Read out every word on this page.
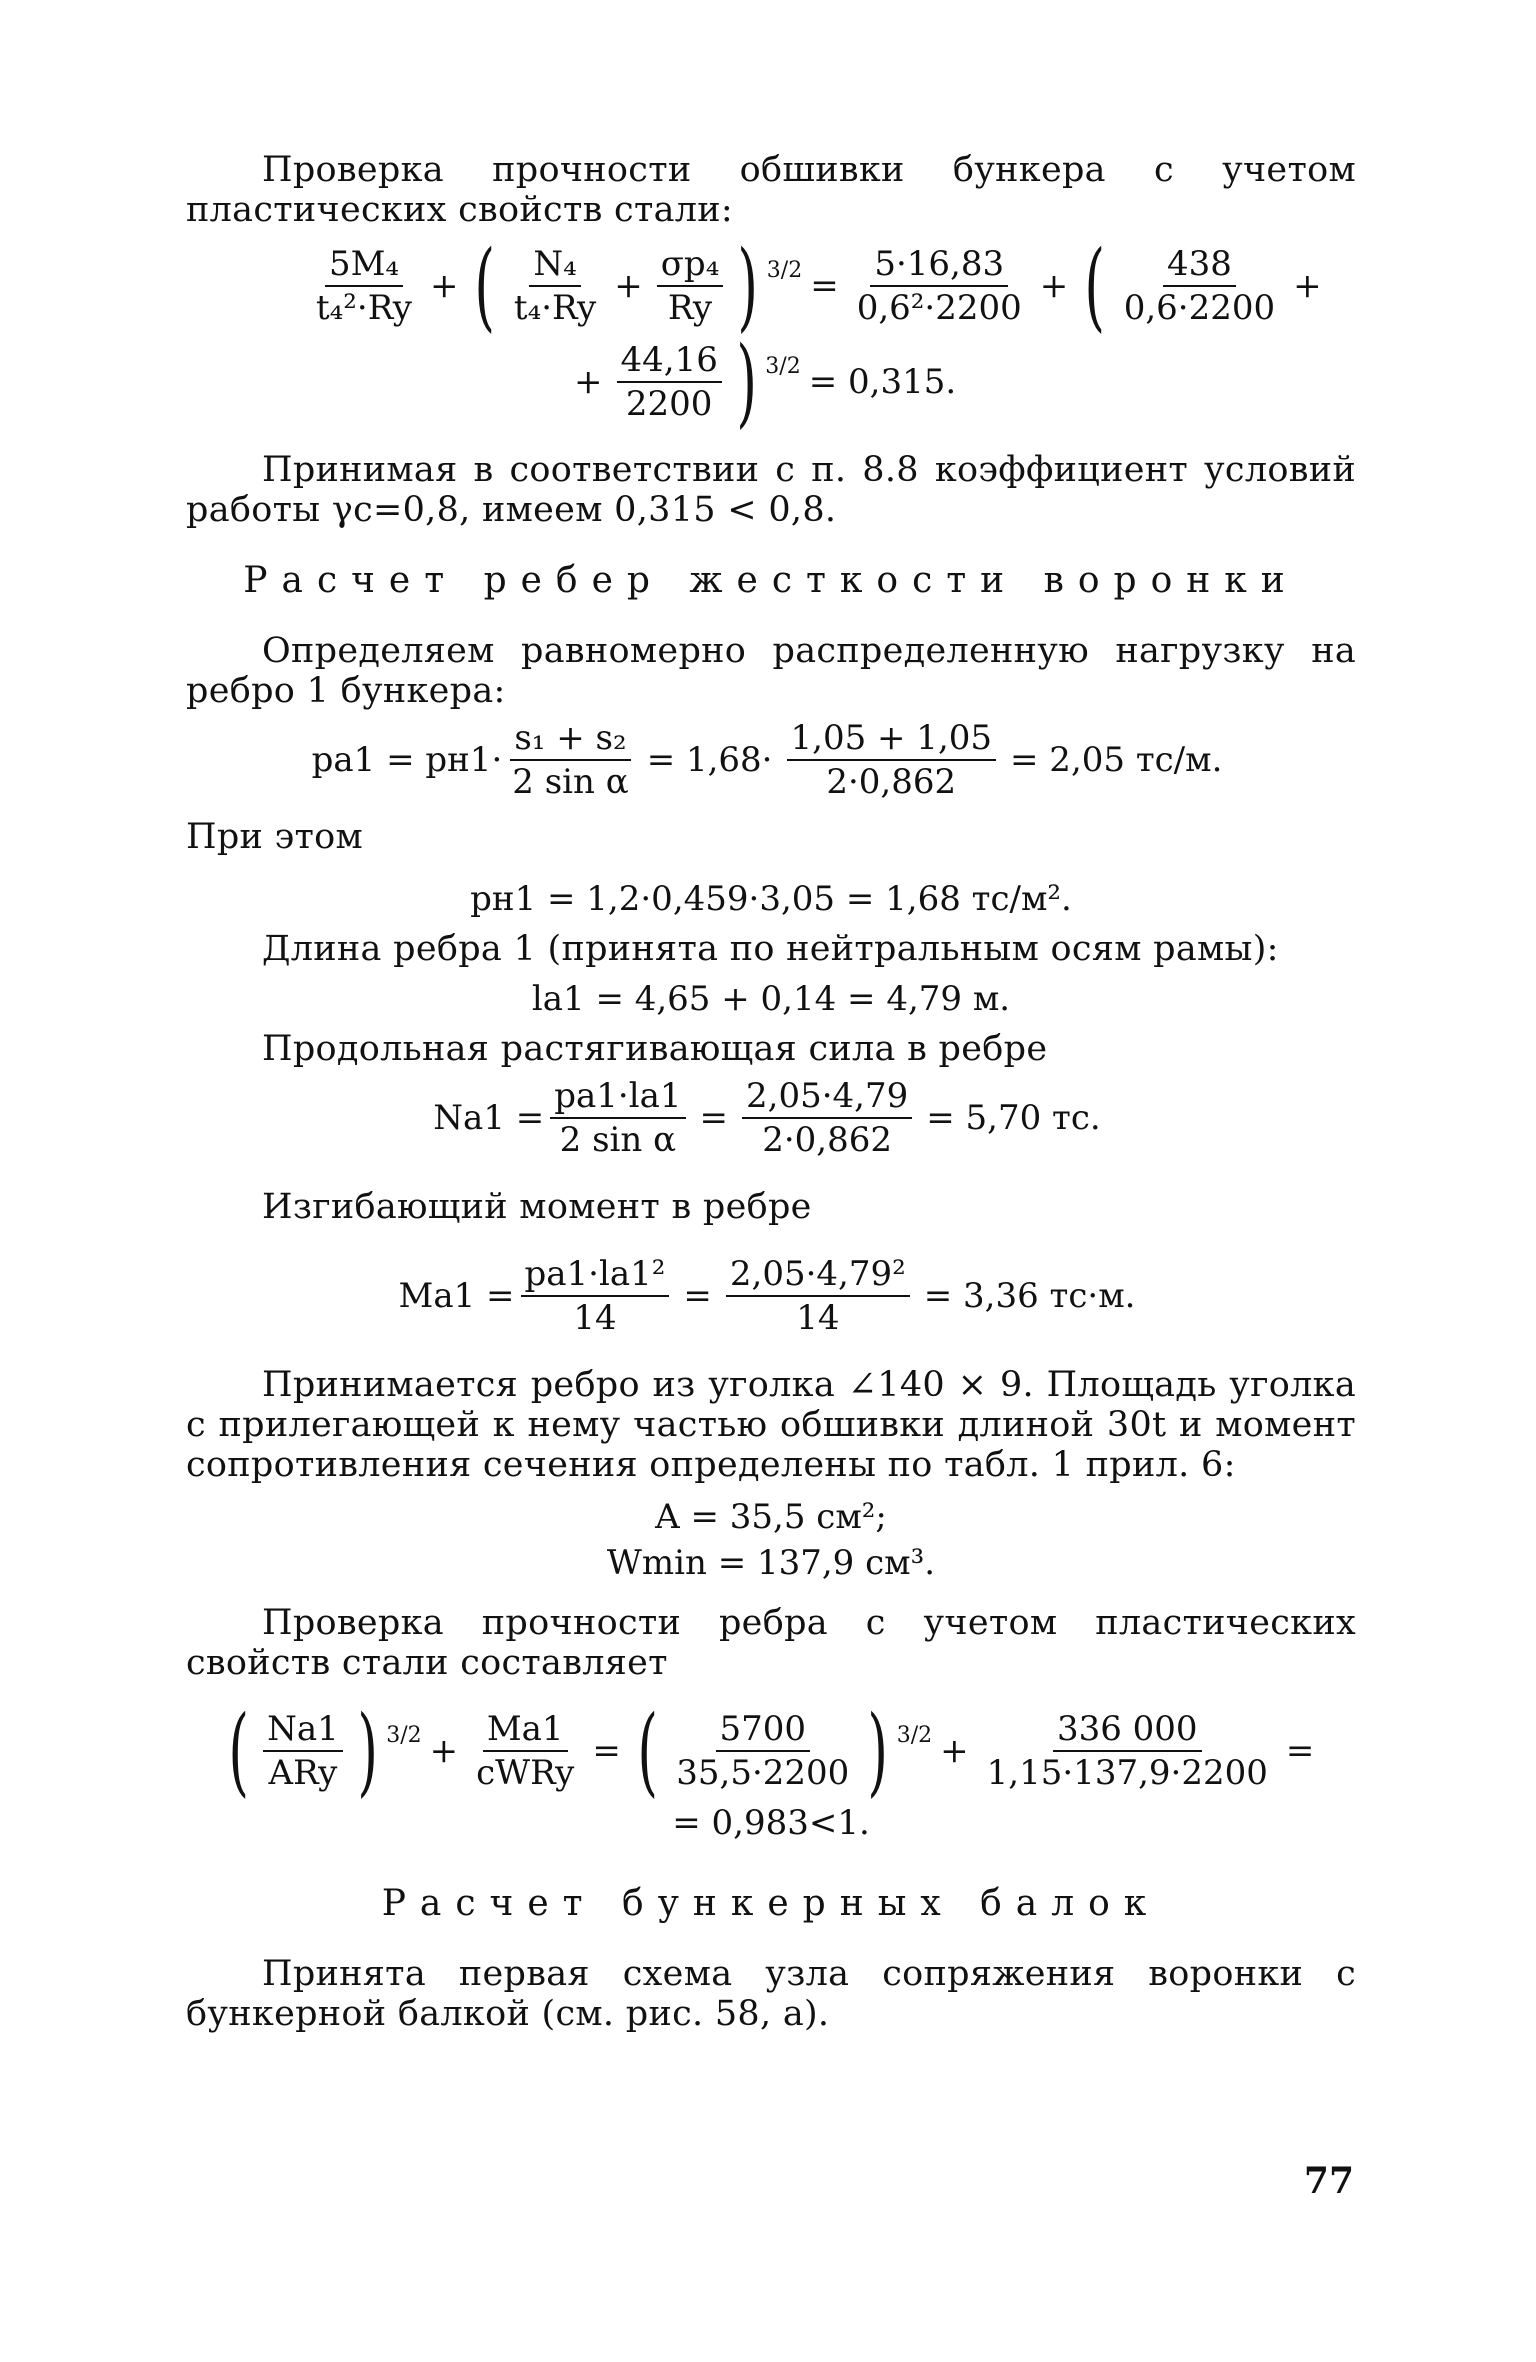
Проверка прочности обшивки бункера с учетом пластических свойств стали:

$\frac{\text{5M₄}}{\text{t₄²·Ry}}$ + ( $\frac{\text{N₄}}{\text{t₄·Ry}} + \frac{\text{σp₄}}{Ry}$ ) $3/2 = \frac{5\cdot 16,83}{\text{0,6²·2200}}$ + ( $\frac{438}{0,6\cdot 2200}$ +
+ $\frac{44,16}{2200}$ ) 3/2 = 0,315.

Принимая в соответствии с п. 8.8 коэффициент условий работы γc=0,8, имеем 0,315 < 0,8.

Расчет ребер жесткости воронки

Определяем равномерно распределенную нагрузку на ребро 1 бункера:

$pa1 = pн1\cdot \frac{\text{s₁ + s₂}}{\text{2 sin α}} = 1,68\cdot \frac{1,05 + 1,05}{2\cdot 0,862} = 2,05$ тс/м.

При этом

pн1 = 1,2·0,459·3,05 = 1,68 тс/м².

Длина ребра 1 (принята по нейтральным осям рамы):

la1 = 4,65 + 0,14 = 4,79 м.

Продольная растягивающая сила в ребре

$Na1 = \frac{pa1\cdot la1}{\text{2 sin α}} = \frac{2,05\cdot 4,79}{2\cdot 0,862} = 5,70$ тс.

Изгибающий момент в ребре

$Ma1 = \frac{\text{pa1·la1²}}{14} = \frac{\text{2,05·4,79²}}{14} = 3,36$ тс·м.

Принимается ребро из уголка ∠140 × 9. Площадь уголка с прилегающей к нему частью обшивки длиной 30t и момент сопротивления сечения определены по табл. 1 прил. 6:

A = 35,5 см²;
Wmin = 137,9 см³.

Проверка прочности ребра с учетом пластических свойств стали составляет

( $\frac{Na1}{\text{ARy}}$ ) $3/2 + \frac{Ma1}{\text{cWRy}}$ = ( $\frac{5700}{35,5\cdot 2200}$ ) $3/2 + \frac{336 000}{1,15\cdot 137,9\cdot 2200}$ =
= 0,983<1.

Расчет бункерных балок

Принята первая схема узла сопряжения воронки с бункерной балкой (см. рис. 58, а).

77
